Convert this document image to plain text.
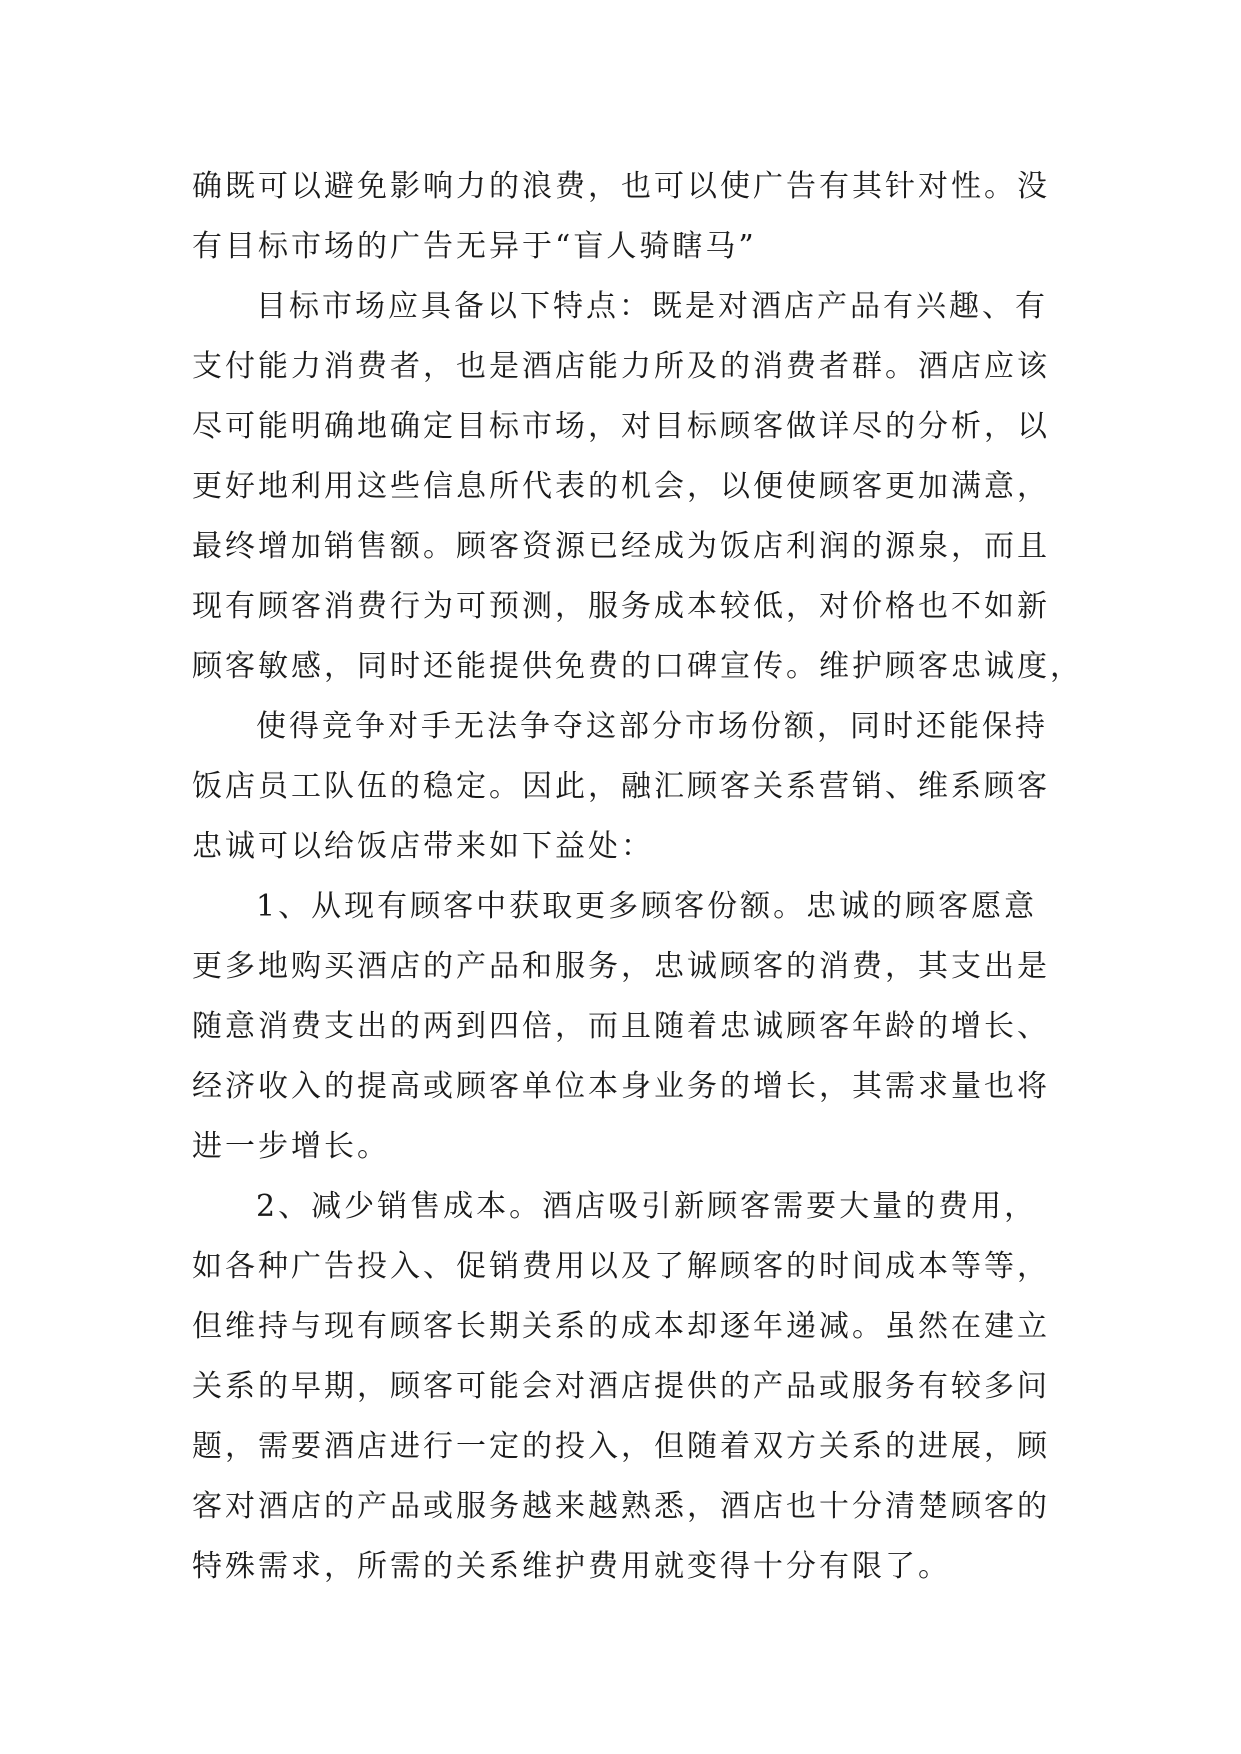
确既可以避免影响力的浪费，也可以使广告有其针对性。没
有目标市场的广告无异于“盲人骑瞎马”
目标市场应具备以下特点：既是对酒店产品有兴趣、有
支付能力消费者，也是酒店能力所及的消费者群。酒店应该
尽可能明确地确定目标市场，对目标顾客做详尽的分析，以
更好地利用这些信息所代表的机会，以便使顾客更加满意，
最终增加销售额。顾客资源已经成为饭店利润的源泉，而且
现有顾客消费行为可预测，服务成本较低，对价格也不如新
顾客敏感，同时还能提供免费的口碑宣传。维护顾客忠诚度，
使得竞争对手无法争夺这部分市场份额，同时还能保持
饭店员工队伍的稳定。因此，融汇顾客关系营销、维系顾客
忠诚可以给饭店带来如下益处：
1、从现有顾客中获取更多顾客份额。忠诚的顾客愿意
更多地购买酒店的产品和服务，忠诚顾客的消费，其支出是
随意消费支出的两到四倍，而且随着忠诚顾客年龄的增长、
经济收入的提高或顾客单位本身业务的增长，其需求量也将
进一步增长。
2、减少销售成本。酒店吸引新顾客需要大量的费用，
如各种广告投入、促销费用以及了解顾客的时间成本等等，
但维持与现有顾客长期关系的成本却逐年递减。虽然在建立
关系的早期，顾客可能会对酒店提供的产品或服务有较多问
题，需要酒店进行一定的投入，但随着双方关系的进展，顾
客对酒店的产品或服务越来越熟悉，酒店也十分清楚顾客的
特殊需求，所需的关系维护费用就变得十分有限了。
